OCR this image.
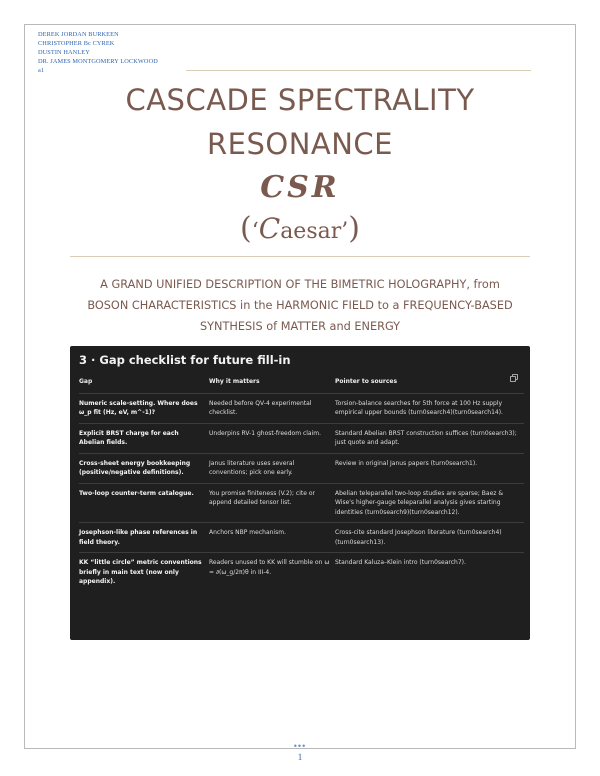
DEREK JORDAN BURKEEN
CHRISTOPHER Bc CYREK
DUSTIN HANLEY
DR. JAMES MONTGOMERY LOCKWOOD
a1
CASCADE SPECTRALITY
RESONANCE
CSR
(‘Caesar’)
A GRAND UNIFIED DESCRIPTION OF THE BIMETRIC HOLOGRAPHY, from BOSON CHARACTERISTICS in the HARMONIC FIELD to a FREQUENCY-BASED SYNTHESIS of MATTER and ENERGY
3 · Gap checklist for future fill-in
Gap	Why it matters	Pointer to sources
Numeric scale-setting. Where does ω_p fit (Hz, eV, m^-1)?	Needed before QV-4 experimental checklist.	Torsion-balance searches for 5th force at 100 Hz supply empirical upper bounds (turn0search4)(turn0search14).
Explicit BRST charge for each Abelian fields.	Underpins RV-1 ghost-freedom claim.	Standard Abelian BRST construction suffices (turn0search3); just quote and adapt.
Cross-sheet energy bookkeeping (positive/negative definitions).	Janus literature uses several conventions; pick one early.	Review in original Janus papers (turn0search1).
Two-loop counter-term catalogue.	You promise finiteness (V.2); cite or append detailed tensor list.	Abelian teleparallel two-loop studies are sparse; Baez & Wise's higher-gauge teleparallel analysis gives starting identities (turn0search9)(turn0search12).
Josephson-like phase references in field theory.	Anchors NBP mechanism.	Cross-cite standard Josephson literature (turn0search4)(turn0search13).
KK “little circle” metric conventions briefly in main text (now only appendix).	Readers unused to KK will stumble on ω = ∂(ω_g/2π)θ in III-4.	Standard Kaluza–Klein intro (turn0search7).
•••
1
